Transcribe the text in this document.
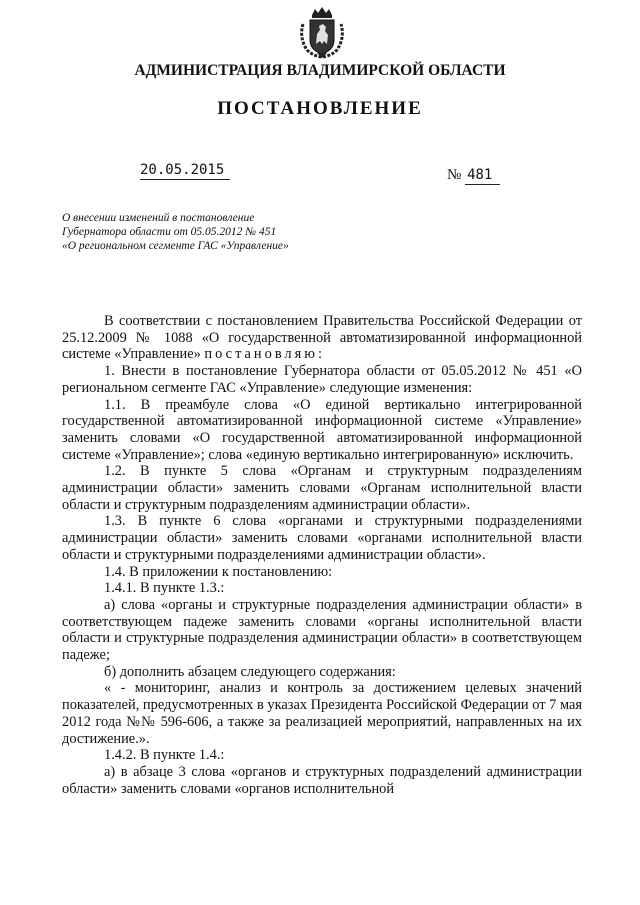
АДМИНИСТРАЦИЯ ВЛАДИМИРСКОЙ ОБЛАСТИ
ПОСТАНОВЛЕНИЕ
20.05.2015	№ 481
О внесении изменений в постановление
Губернатора области от 05.05.2012 № 451
«О региональном сегменте ГАС «Управление»

В соответствии с постановлением Правительства Российской Федерации от 25.12.2009 № 1088 «О государственной автоматизированной информационной системе «Управление» постановляю:

1. Внести в постановление Губернатора области от 05.05.2012 № 451 «О региональном сегменте ГАС «Управление» следующие изменения:

1.1. В преамбуле слова «О единой вертикально интегрированной государственной автоматизированной информационной системе «Управление» заменить словами «О государственной автоматизированной информационной системе «Управление»; слова «единую вертикально интегрированную» исключить.

1.2. В пункте 5 слова «Органам и структурным подразделениям администрации области» заменить словами «Органам исполнительной власти области и структурным подразделениям администрации области».

1.3. В пункте 6 слова «органами и структурными подразделениями администрации области» заменить словами «органами исполнительной власти области и структурными подразделениями администрации области».

1.4. В приложении к постановлению:

1.4.1. В пункте 1.3.:

а) слова «органы и структурные подразделения администрации области» в соответствующем падеже заменить словами «органы исполнительной власти области и структурные подразделения администрации области» в соответствующем падеже;

б) дополнить абзацем следующего содержания:

« - мониторинг, анализ и контроль за достижением целевых значений показателей, предусмотренных в указах Президента Российской Федерации от 7 мая 2012 года №№ 596-606, а также за реализацией мероприятий, направленных на их достижение.».

1.4.2. В пункте 1.4.:

а) в абзаце 3 слова «органов и структурных подразделений администрации области» заменить словами «органов исполнительной
